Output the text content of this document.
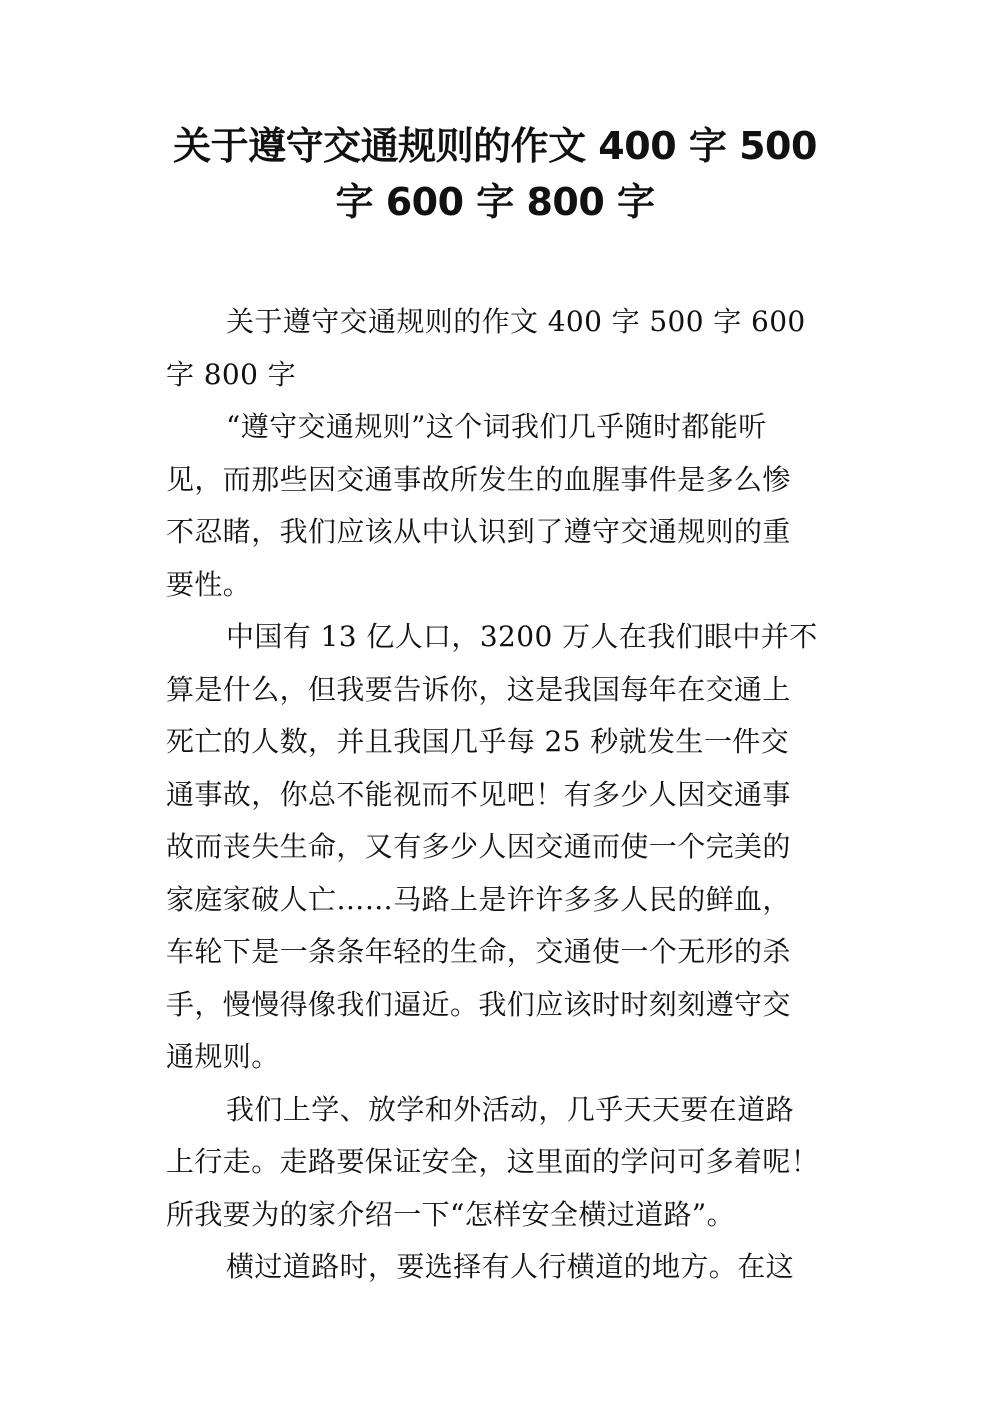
关于遵守交通规则的作文 400 字 500
字 600 字 800 字

关于遵守交通规则的作文 400 字 500 字 600
字 800 字

“遵守交通规则”这个词我们几乎随时都能听
见，而那些因交通事故所发生的血腥事件是多么惨
不忍睹，我们应该从中认识到了遵守交通规则的重
要性。

中国有 13 亿人口，3200 万人在我们眼中并不
算是什么，但我要告诉你，这是我国每年在交通上
死亡的人数，并且我国几乎每 25 秒就发生一件交
通事故，你总不能视而不见吧！有多少人因交通事
故而丧失生命，又有多少人因交通而使一个完美的
家庭家破人亡……马路上是许许多多人民的鲜血，
车轮下是一条条年轻的生命，交通使一个无形的杀
手，慢慢得像我们逼近。我们应该时时刻刻遵守交
通规则。

我们上学、放学和外活动，几乎天天要在道路
上行走。走路要保证安全，这里面的学问可多着呢！
所我要为的家介绍一下“怎样安全横过道路”。

横过道路时，要选择有人行横道的地方。在这
